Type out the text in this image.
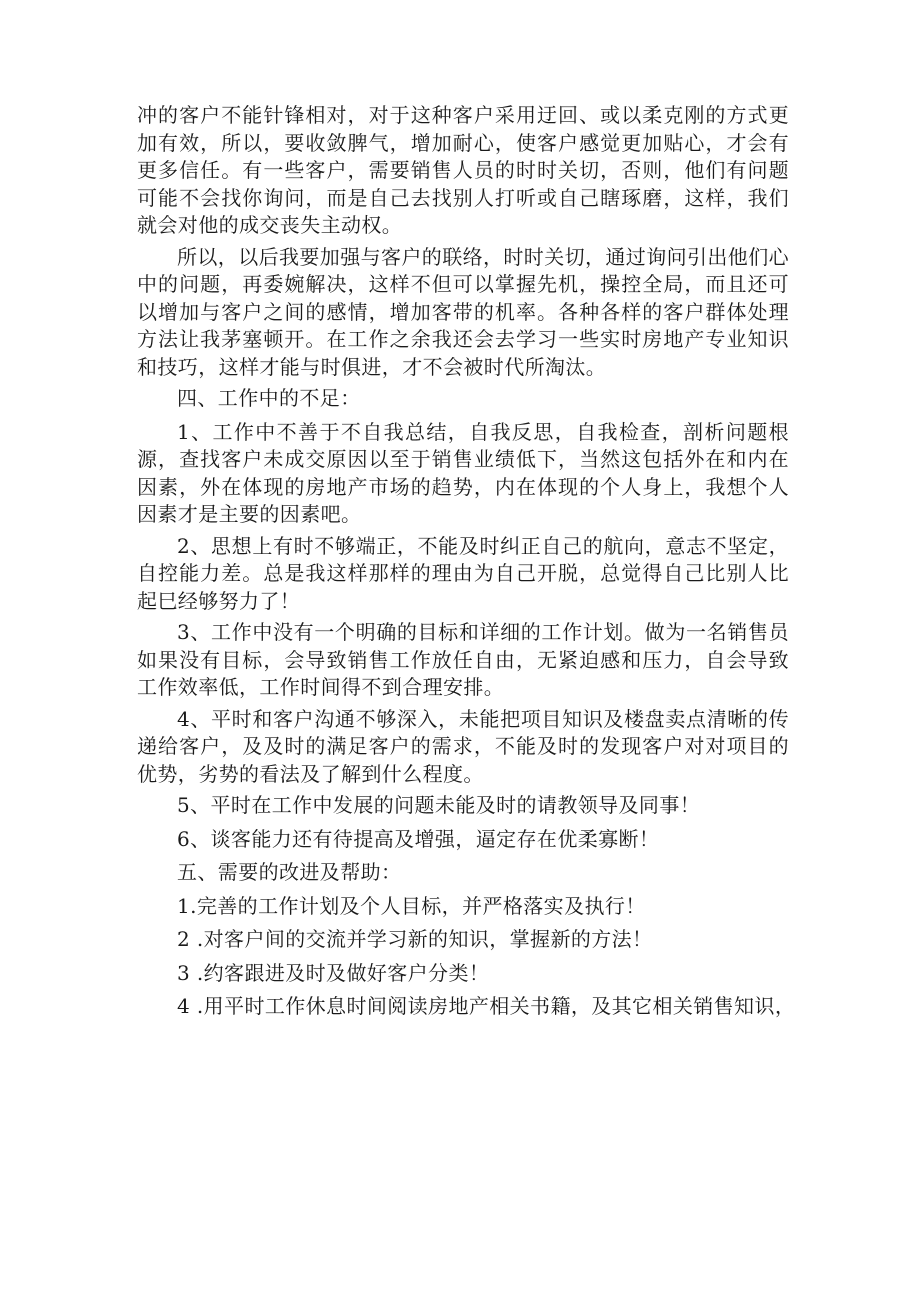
冲的客户不能针锋相对，对于这种客户采用迂回、或以柔克刚的方式更加有效，所以，要收敛脾气，增加耐心，使客户感觉更加贴心，才会有更多信任。有一些客户，需要销售人员的时时关切，否则，他们有问题可能不会找你询问，而是自己去找别人打听或自己瞎琢磨，这样，我们就会对他的成交丧失主动权。

所以，以后我要加强与客户的联络，时时关切，通过询问引出他们心中的问题，再委婉解决，这样不但可以掌握先机，操控全局，而且还可以增加与客户之间的感情，增加客带的机率。各种各样的客户群体处理方法让我茅塞顿开。在工作之余我还会去学习一些实时房地产专业知识和技巧，这样才能与时俱进，才不会被时代所淘汰。

四、工作中的不足：

1、工作中不善于不自我总结，自我反思，自我检查，剖析问题根源，查找客户未成交原因以至于销售业绩低下，当然这包括外在和内在因素，外在体现的房地产市场的趋势，内在体现的个人身上，我想个人因素才是主要的因素吧。

2、思想上有时不够端正，不能及时纠正自己的航向，意志不坚定，自控能力差。总是我这样那样的理由为自己开脱，总觉得自己比别人比起巳经够努力了！

3、工作中没有一个明确的目标和详细的工作计划。做为一名销售员如果没有目标，会导致销售工作放任自由，无紧迫感和压力，自会导致工作效率低，工作时间得不到合理安排。

4、平时和客户沟通不够深入，未能把项目知识及楼盘卖点清晰的传递给客户，及及时的满足客户的需求，不能及时的发现客户对对项目的优势，劣势的看法及了解到什么程度。

5、平时在工作中发展的问题未能及时的请教领导及同事！

6、谈客能力还有待提高及增强，逼定存在优柔寡断！

五、需要的改进及帮助：

1.完善的工作计划及个人目标，并严格落实及执行！

2 .对客户间的交流并学习新的知识，掌握新的方法！

3 .约客跟进及时及做好客户分类！

4 .用平时工作休息时间阅读房地产相关书籍，及其它相关销售知识，
